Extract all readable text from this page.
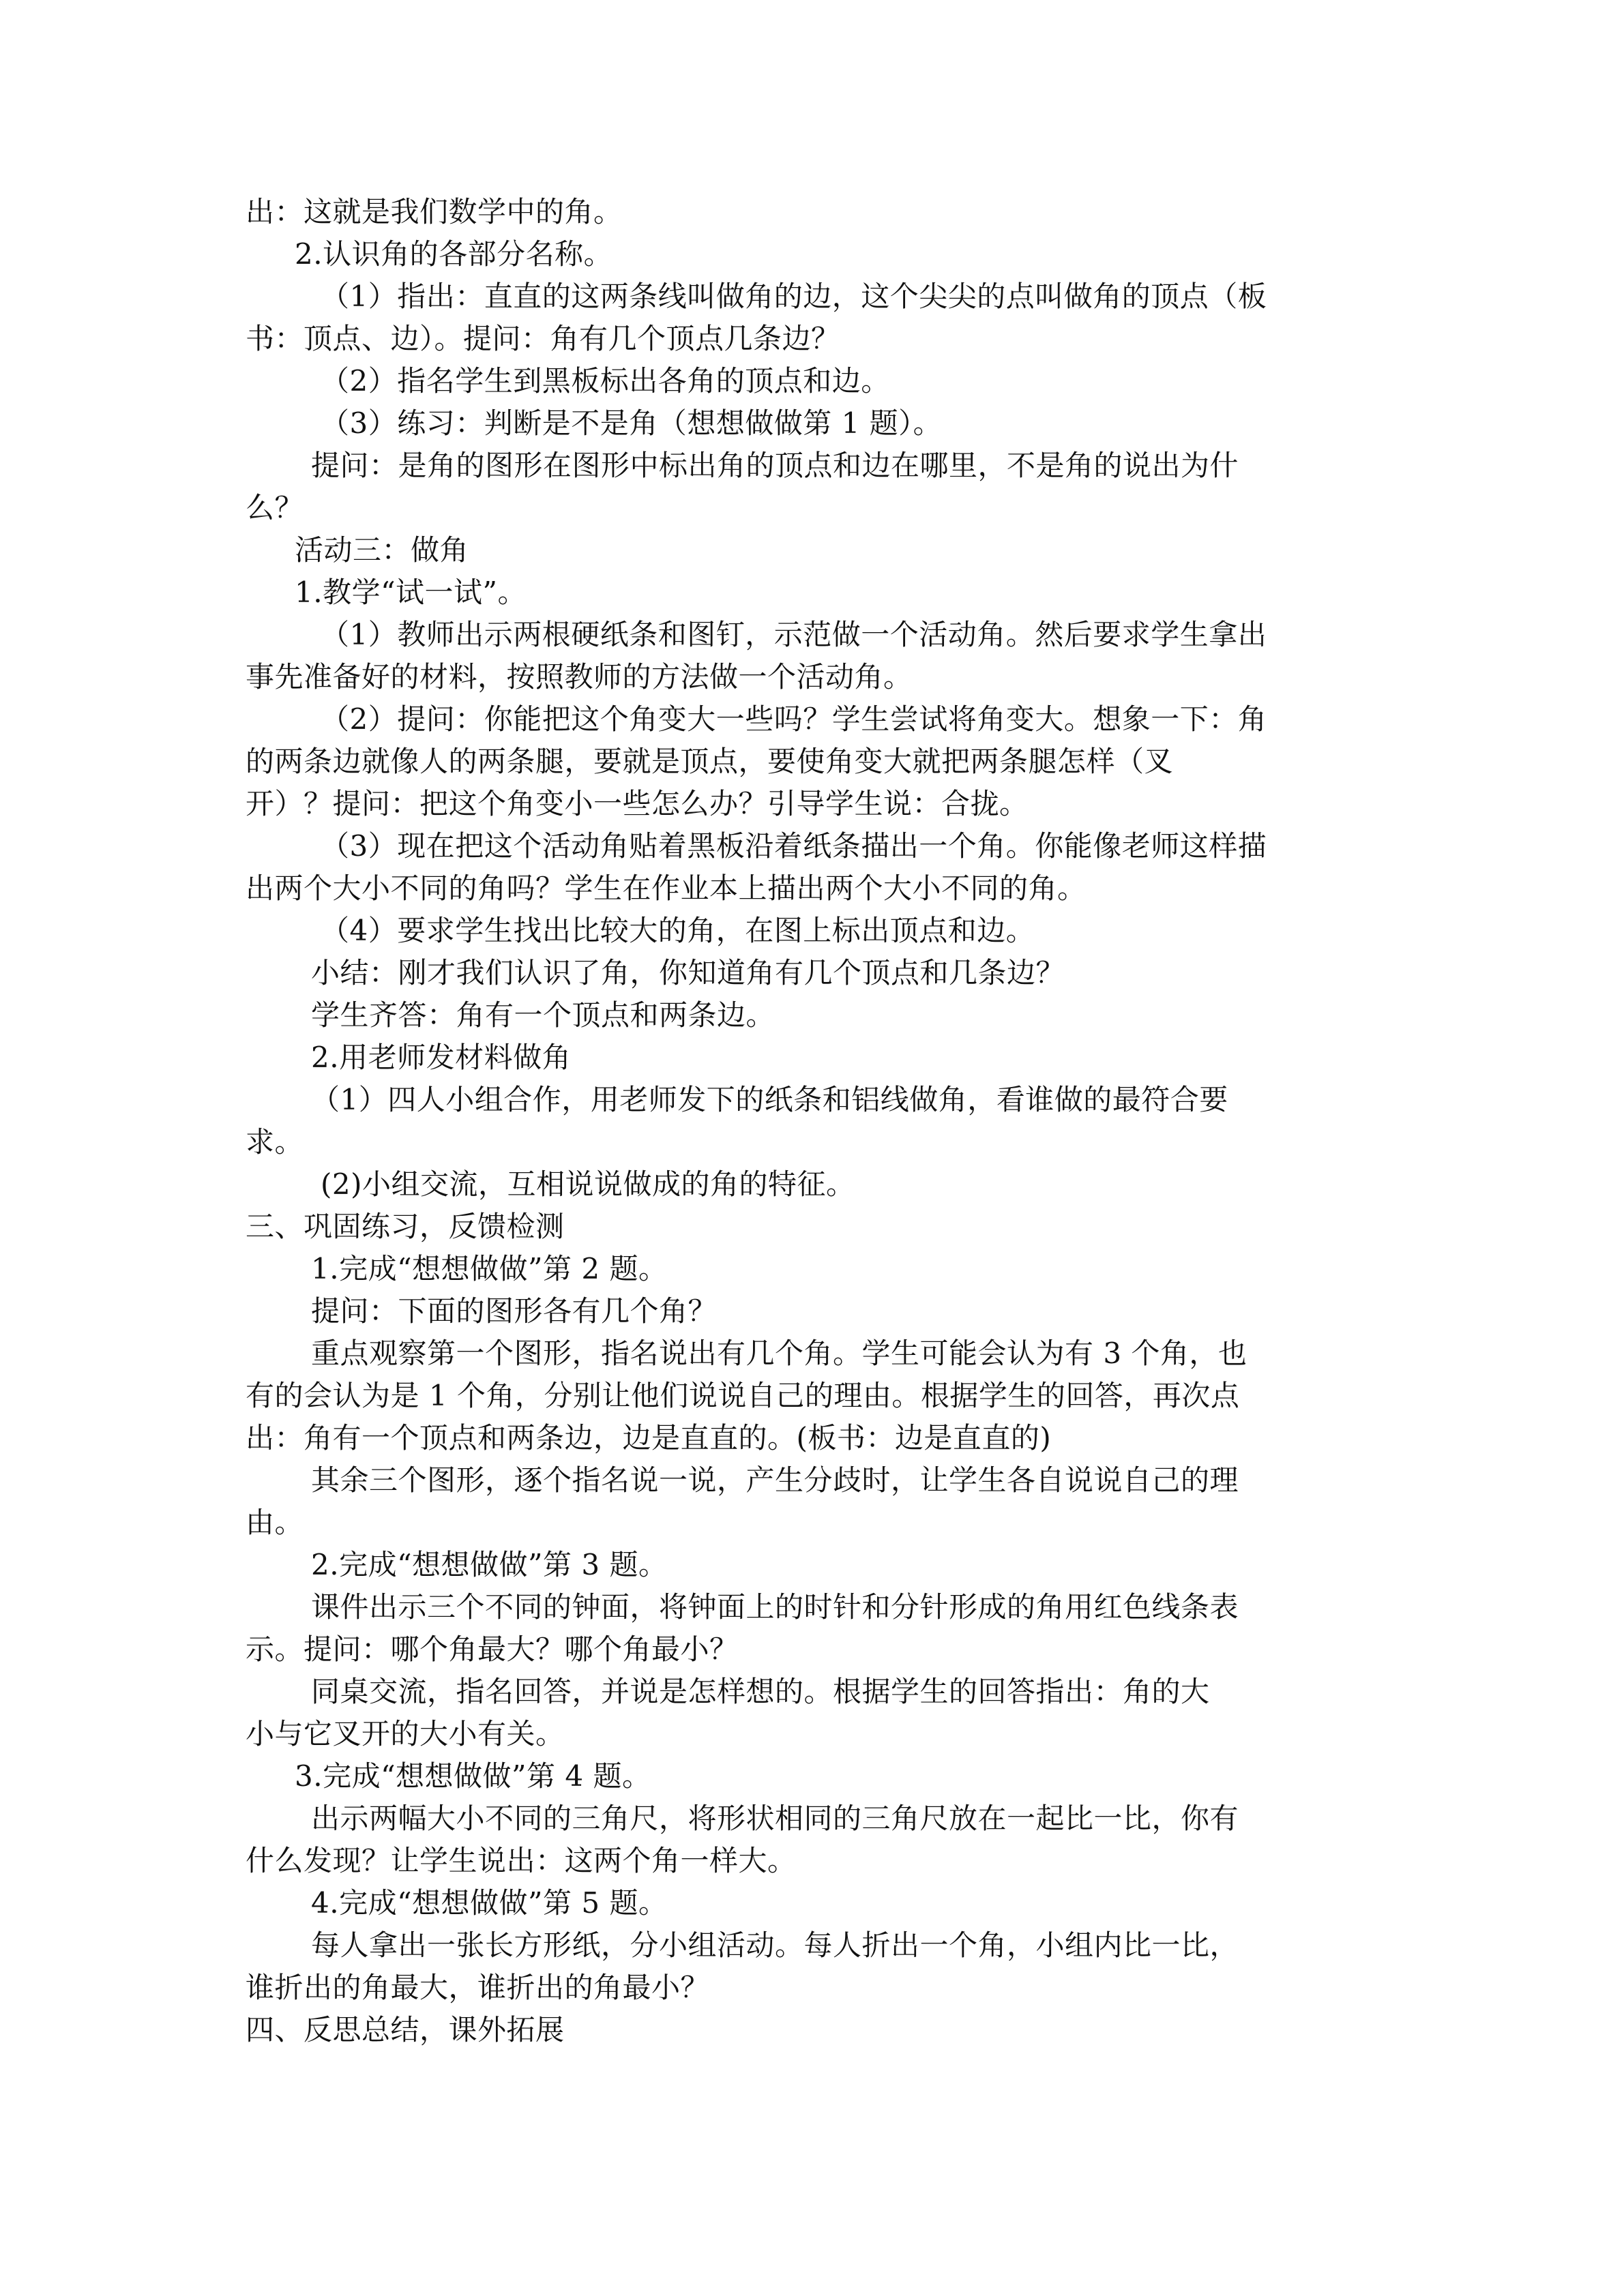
出：这就是我们数学中的角。
2.认识角的各部分名称。
（1）指出：直直的这两条线叫做角的边，这个尖尖的点叫做角的顶点（板
书：顶点、边）。提问：角有几个顶点几条边？
（2）指名学生到黑板标出各角的顶点和边。
（3）练习：判断是不是角（想想做做第 1 题）。
提问：是角的图形在图形中标出角的顶点和边在哪里，不是角的说出为什
么？
活动三：做角
1.教学“试一试”。
（1）教师出示两根硬纸条和图钉，示范做一个活动角。然后要求学生拿出
事先准备好的材料，按照教师的方法做一个活动角。
（2）提问：你能把这个角变大一些吗？学生尝试将角变大。想象一下：角
的两条边就像人的两条腿，要就是顶点，要使角变大就把两条腿怎样（叉
开）？提问：把这个角变小一些怎么办？引导学生说：合拢。
（3）现在把这个活动角贴着黑板沿着纸条描出一个角。你能像老师这样描
出两个大小不同的角吗？学生在作业本上描出两个大小不同的角。
（4）要求学生找出比较大的角，在图上标出顶点和边。
小结：刚才我们认识了角，你知道角有几个顶点和几条边？
学生齐答：角有一个顶点和两条边。
2.用老师发材料做角
（1）四人小组合作，用老师发下的纸条和铝线做角，看谁做的最符合要
求。
(2)小组交流，互相说说做成的角的特征。
三、巩固练习，反馈检测
1.完成“想想做做”第 2 题。
提问：下面的图形各有几个角？
重点观察第一个图形，指名说出有几个角。学生可能会认为有 3 个角，也
有的会认为是 1 个角，分别让他们说说自己的理由。根据学生的回答，再次点
出：角有一个顶点和两条边，边是直直的。(板书：边是直直的)
其余三个图形，逐个指名说一说，产生分歧时，让学生各自说说自己的理
由。
2.完成“想想做做”第 3 题。
课件出示三个不同的钟面，将钟面上的时针和分针形成的角用红色线条表
示。提问：哪个角最大？哪个角最小？
同桌交流，指名回答，并说是怎样想的。根据学生的回答指出：角的大
小与它叉开的大小有关。
3.完成“想想做做”第 4 题。
出示两幅大小不同的三角尺，将形状相同的三角尺放在一起比一比，你有
什么发现？让学生说出：这两个角一样大。
4.完成“想想做做”第 5 题。
每人拿出一张长方形纸，分小组活动。每人折出一个角，小组内比一比，
谁折出的角最大，谁折出的角最小？
四、反思总结，课外拓展
